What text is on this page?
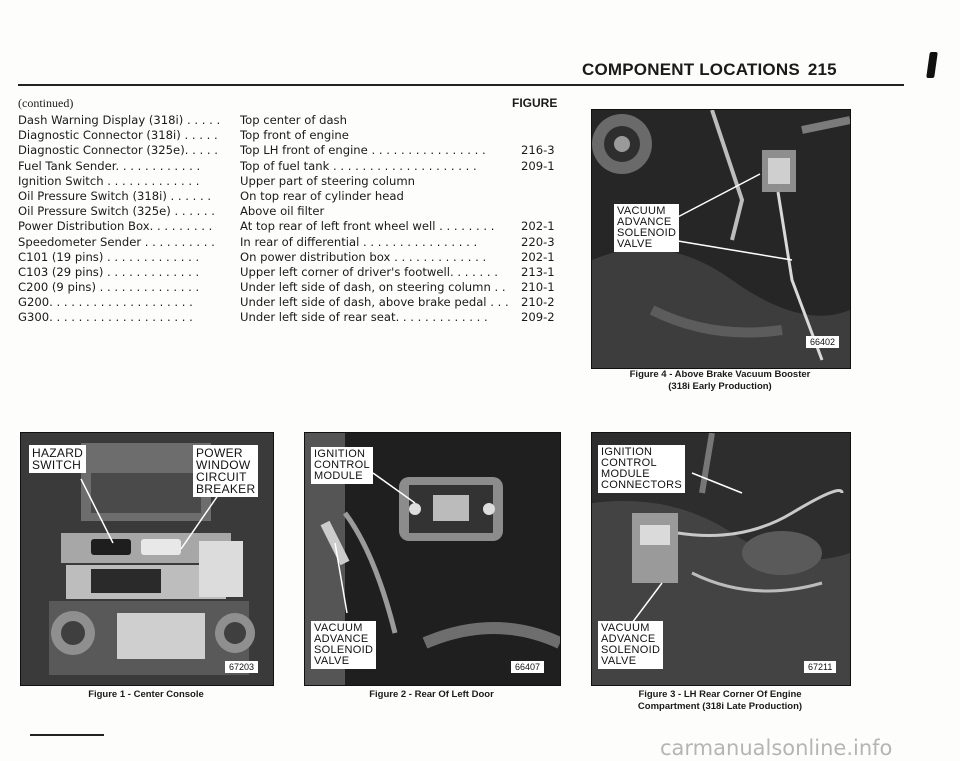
COMPONENT LOCATIONS 215
(continued)	FIGURE
Dash Warning Display (318i) . . . . .	Top center of dash
Diagnostic Connector (318i) . . . . .	Top front of engine
Diagnostic Connector (325e). . . . .	Top LH front of engine . . . . . . . . . . . . . . . .	216-3
Fuel Tank Sender. . . . . . . . . . . .	Top of fuel tank . . . . . . . . . . . . . . . . . . . .	209-1
Ignition Switch . . . . . . . . . . . . .	Upper part of steering column
Oil Pressure Switch (318i) . . . . . .	On top rear of cylinder head
Oil Pressure Switch (325e) . . . . . .	Above oil filter
Power Distribution Box. . . . . . . . .	At top rear of left front wheel well . . . . . . . .	202-1
Speedometer Sender . . . . . . . . . .	In rear of differential . . . . . . . . . . . . . . . .	220-3
C101 (19 pins) . . . . . . . . . . . . .	On power distribution box . . . . . . . . . . . . .	202-1
C103 (29 pins) . . . . . . . . . . . . .	Upper left corner of driver's footwell. . . . . . .	213-1
C200 (9 pins) . . . . . . . . . . . . . .	Under left side of dash, on steering column . .	210-1
G200. . . . . . . . . . . . . . . . . . . .	Under left side of dash, above brake pedal . . . 210-2
G300. . . . . . . . . . . . . . . . . . . .	Under left side of rear seat. . . . . . . . . . . . .	209-2
VACUUM
ADVANCE
SOLENOID
VALVE
66402
Figure 4 - Above Brake Vacuum Booster
(318i Early Production)
HAZARD
SWITCH
POWER
WINDOW
CIRCUIT
BREAKER
67203
Figure 1 - Center Console
IGNITION
CONTROL
MODULE
VACUUM
ADVANCE
SOLENOID
VALVE	66407
Figure 2 - Rear Of Left Door
IGNITION
CONTROL
MODULE
CONNECTORS
VACUUM
ADVANCE
SOLENOID
VALVE	67211
Figure 3 - LH Rear Corner Of Engine
Compartment (318i Late Production)
carmanualsonline.info
